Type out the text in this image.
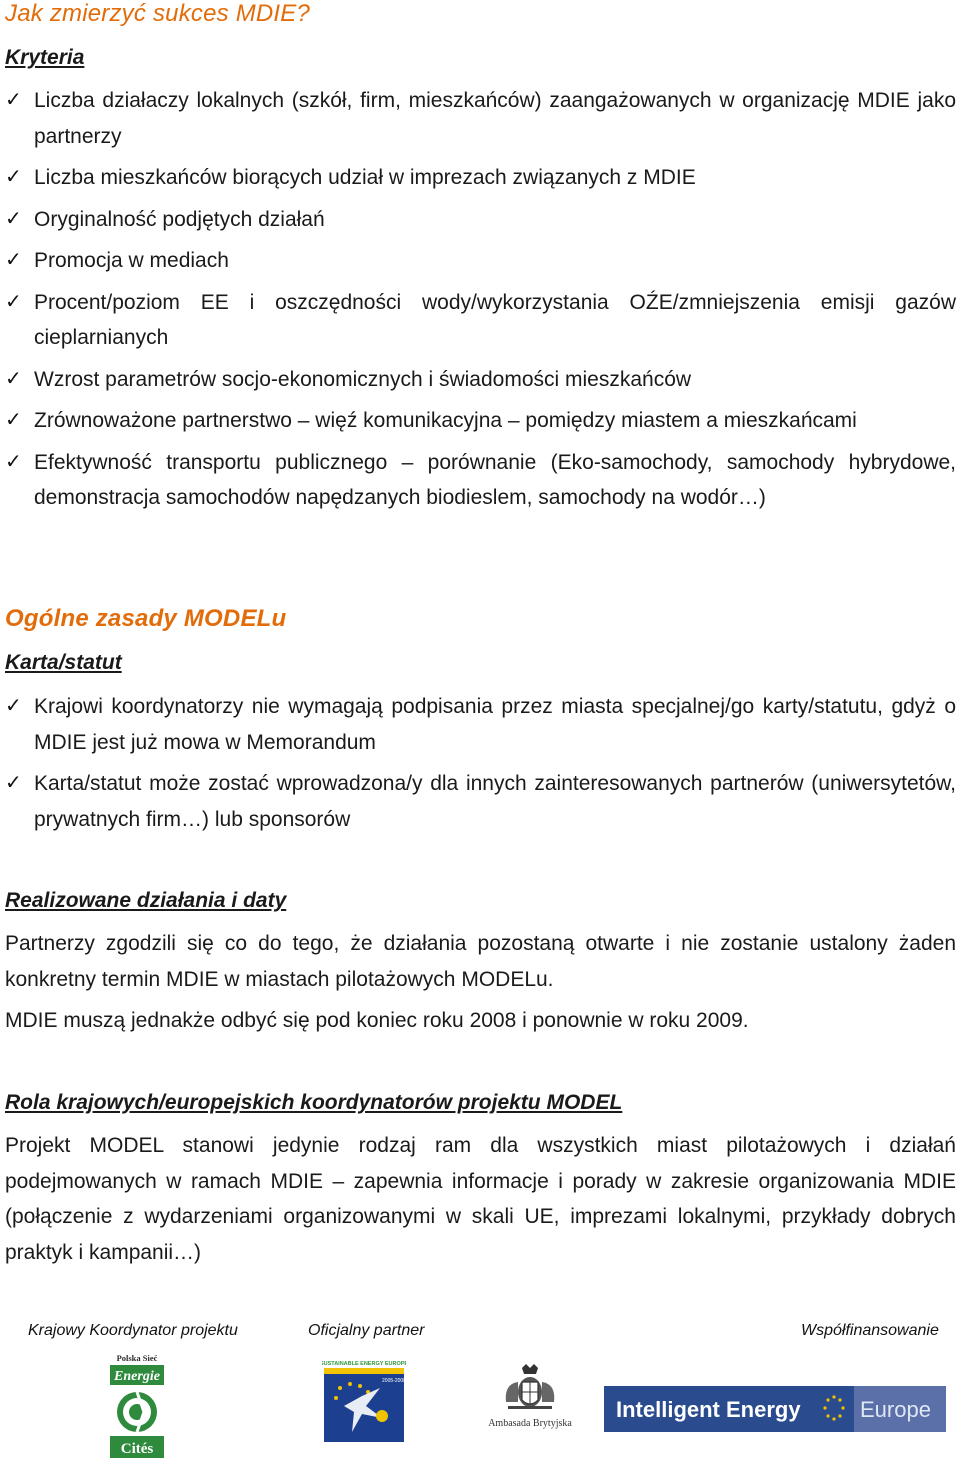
Jak zmierzyć sukces MDIE?
Kryteria
✓ Liczba działaczy lokalnych (szkół, firm, mieszkańców) zaangażowanych w organizację MDIE jako partnerzy
✓ Liczba mieszkańców biorących udział w imprezach związanych z MDIE
✓ Oryginalność podjętych działań
✓ Promocja w mediach
✓ Procent/poziom EE i oszczędności wody/wykorzystania OŹE/zmniejszenia emisji gazów cieplarnianych
✓ Wzrost parametrów socjo-ekonomicznych i świadomości mieszkańców
✓ Zrównoważone partnerstwo – więź komunikacyjna – pomiędzy miastem a mieszkańcami
✓ Efektywność transportu publicznego – porównanie (Eko-samochody, samochody hybrydowe, demonstracja samochodów napędzanych biodieslem, samochody na wodór…)
Ogólne zasady MODELu
Karta/statut
✓ Krajowi koordynatorzy nie wymagają podpisania przez miasta specjalnej/go karty/statutu, gdyż o MDIE jest już mowa w Memorandum
✓ Karta/statut może zostać wprowadzona/y dla innych zainteresowanych partnerów (uniwersytetów, prywatnych firm…) lub sponsorów
Realizowane działania i daty

Partnerzy zgodzili się co do tego, że działania pozostaną otwarte i nie zostanie ustalony żaden konkretny termin MDIE w miastach pilotażowych MODELu.

MDIE muszą jednakże odbyć się pod koniec roku 2008 i ponownie w roku 2009.

Rola krajowych/europejskich koordynatorów projektu MODEL

Projekt MODEL stanowi jedynie rodzaj ram dla wszystkich miast pilotażowych i działań podejmowanych w ramach MDIE – zapewnia informacje i porady w zakresie organizowania MDIE (połączenie z wydarzeniami organizowanymi w skali UE, imprezami lokalnymi, przykłady dobrych praktyk i kampanii…)

Krajowy Koordynator projektu	Oficjalny partner	Współfinansowanie
Polska Sieć
Energie
Cités
SUSTAINABLE ENERGY EUROPE
2005-2008
Ambasada Brytyjska
Intelligent Energy	Europe
